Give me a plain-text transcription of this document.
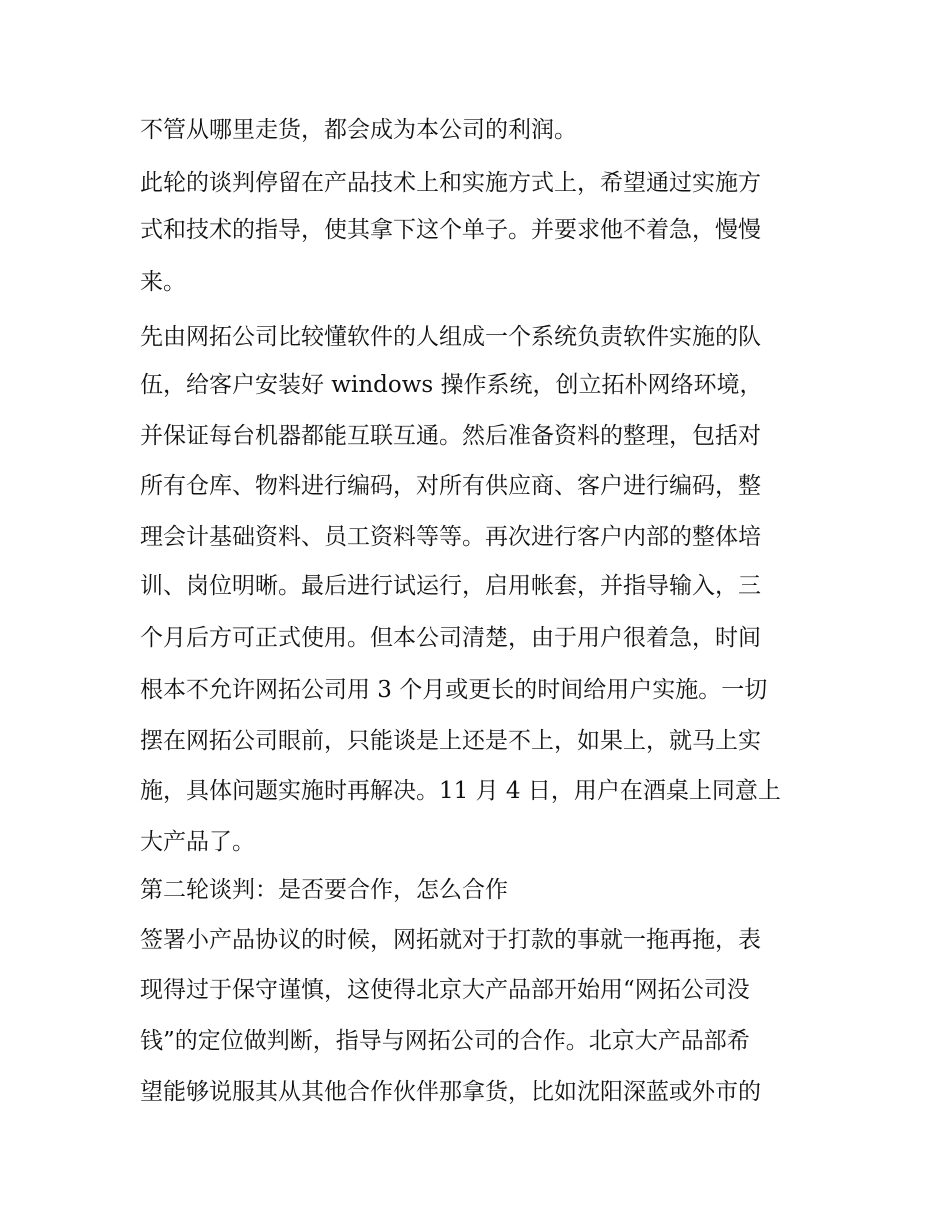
不管从哪里走货，都会成为本公司的利润。
此轮的谈判停留在产品技术上和实施方式上，希望通过实施方
式和技术的指导，使其拿下这个单子。并要求他不着急，慢慢
来。
先由网拓公司比较懂软件的人组成一个系统负责软件实施的队
伍，给客户安装好 windows 操作系统，创立拓朴网络环境，
并保证每台机器都能互联互通。然后准备资料的整理，包括对
所有仓库、物料进行编码，对所有供应商、客户进行编码，整
理会计基础资料、员工资料等等。再次进行客户内部的整体培
训、岗位明晰。最后进行试运行，启用帐套，并指导输入，三
个月后方可正式使用。但本公司清楚，由于用户很着急，时间
根本不允许网拓公司用 3 个月或更长的时间给用户实施。一切
摆在网拓公司眼前，只能谈是上还是不上，如果上，就马上实
施，具体问题实施时再解决。11 月 4 日，用户在酒桌上同意上
大产品了。
第二轮谈判：是否要合作，怎么合作
签署小产品协议的时候，网拓就对于打款的事就一拖再拖，表
现得过于保守谨慎，这使得北京大产品部开始用“网拓公司没
钱”的定位做判断，指导与网拓公司的合作。北京大产品部希
望能够说服其从其他合作伙伴那拿货，比如沈阳深蓝或外市的
